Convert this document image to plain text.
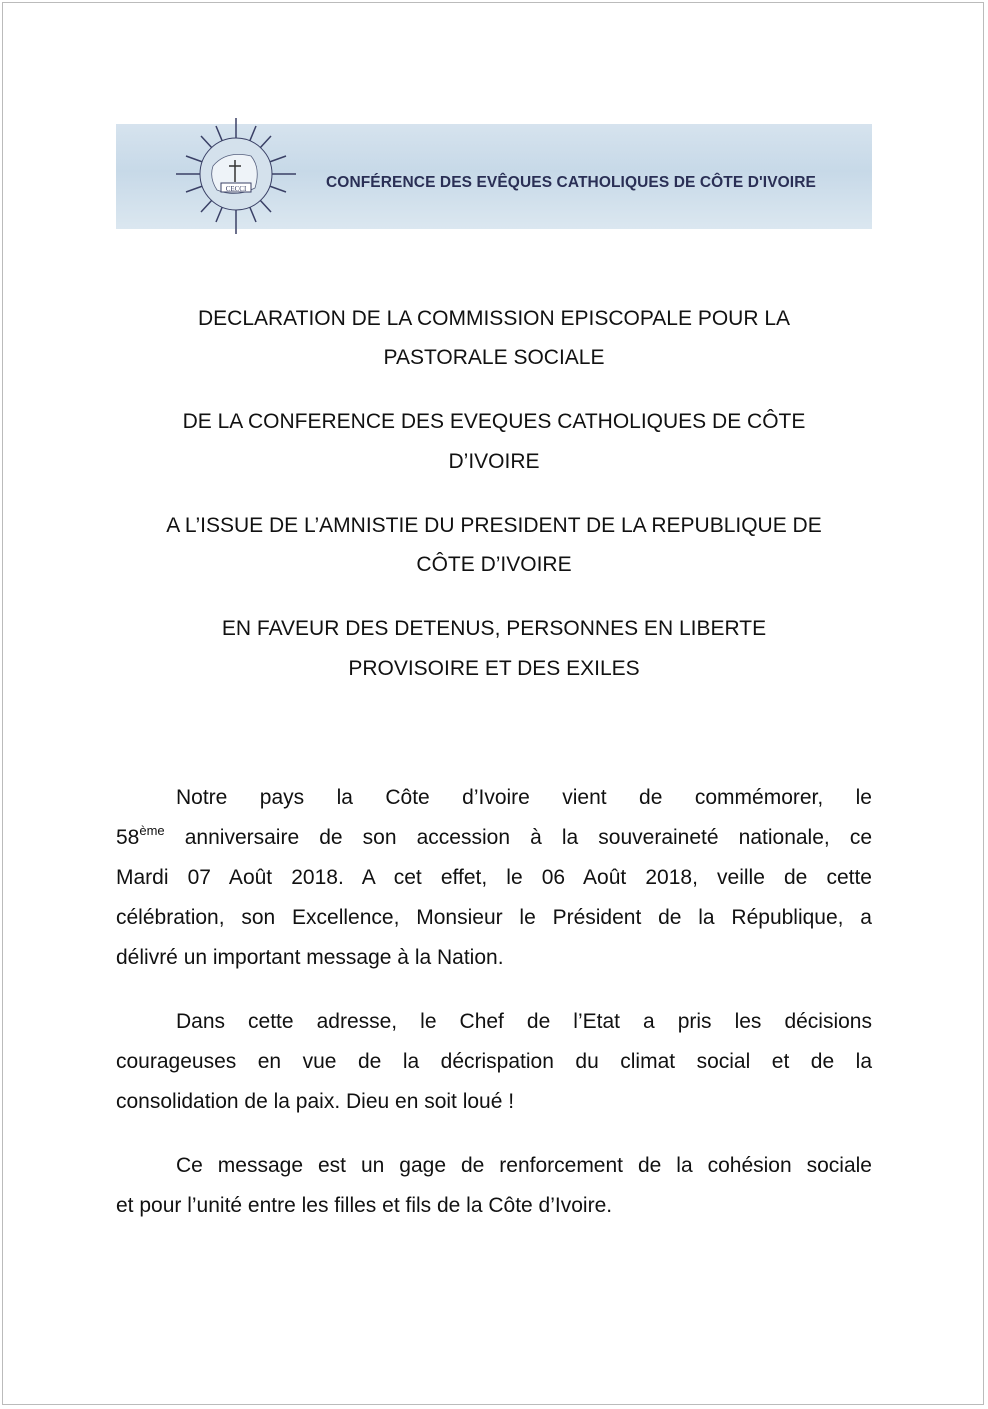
CECCI	CONFÉRENCE DES EVÊQUES CATHOLIQUES DE CÔTE D'IVOIRE
DECLARATION DE LA COMMISSION EPISCOPALE POUR LA
PASTORALE SOCIALE
DE LA CONFERENCE DES EVEQUES CATHOLIQUES DE CÔTE
D’IVOIRE
A L’ISSUE DE L’AMNISTIE DU PRESIDENT DE LA REPUBLIQUE DE
CÔTE D’IVOIRE
EN FAVEUR DES DETENUS, PERSONNES EN LIBERTE
PROVISOIRE ET DES EXILES
Notre pays la Côte d’Ivoire vient de commémorer, le
58ème anniversaire de son accession à la souveraineté nationale, ce
Mardi 07 Août 2018. A cet effet, le 06 Août 2018, veille de cette
célébration, son Excellence, Monsieur le Président de la République, a
délivré un important message à la Nation.
Dans cette adresse, le Chef de l’Etat a pris les décisions
courageuses en vue de la décrispation du climat social et de la
consolidation de la paix. Dieu en soit loué !
Ce message est un gage de renforcement de la cohésion sociale
et pour l’unité entre les filles et fils de la Côte d’Ivoire.
